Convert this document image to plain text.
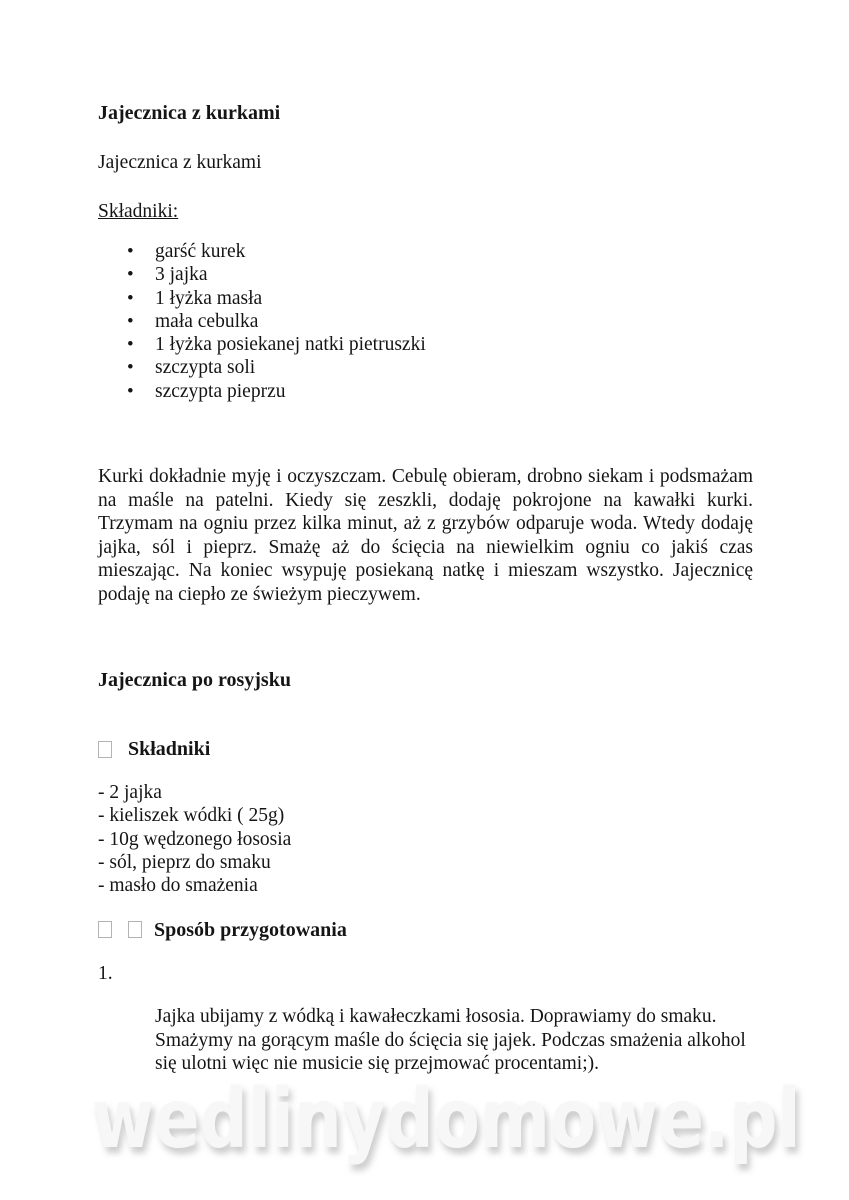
Jajecznica z kurkami

Jajecznica z kurkami

Składniki:

• garść kurek
• 3 jajka
• 1 łyżka masła
• mała cebulka
• 1 łyżka posiekanej natki pietruszki
• szczypta soli
• szczypta pieprzu

Kurki dokładnie myję i oczyszczam. Cebulę obieram, drobno siekam i podsmażam na maśle na patelni. Kiedy się zeszkli, dodaję pokrojone na kawałki kurki. Trzymam na ogniu przez kilka minut, aż z grzybów odparuje woda. Wtedy dodaję jajka, sól i pieprz. Smażę aż do ścięcia na niewielkim ogniu co jakiś czas mieszając. Na koniec wsypuję posiekaną natkę i mieszam wszystko. Jajecznicę podaję na ciepło ze świeżym pieczywem.

Jajecznica po rosyjsku

Składniki
- 2 jajka
- kieliszek wódki ( 25g)
- 10g wędzonego łososia
- sól, pieprz do smaku
- masło do smażenia
Sposób przygotowania

1.

Jajka ubijamy z wódką i kawałeczkami łososia. Doprawiamy do smaku. Smażymy na gorącym maśle do ścięcia się jajek. Podczas smażenia alkohol się ulotni więc nie musicie się przejmować procentami;).

wedlinydomowe.pl
